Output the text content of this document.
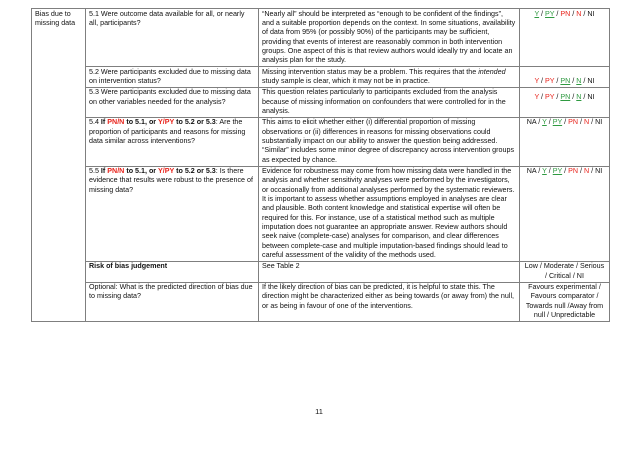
Bias due to missing data	5.1 Were outcome data available for all, or nearly all, participants?	“Nearly all” should be interpreted as “enough to be confident of the findings”, and a suitable proportion depends on the context. In some situations, availability of data from 95% (or possibly 90%) of the participants may be sufficient, providing that events of interest are reasonably common in both intervention groups. One aspect of this is that review authors would ideally try and locate an analysis plan for the study.	Y / PY / PN / N / NI
	5.2 Were participants excluded due to missing data on intervention status?	Missing intervention status may be a problem. This requires that the intended study sample is clear, which it may not be in practice.	Y / PY / PN / N / NI
	5.3 Were participants excluded due to missing data on other variables needed for the analysis?	This question relates particularly to participants excluded from the analysis because of missing information on confounders that were controlled for in the analysis.	Y / PY / PN / N / NI
	5.4 If PN/N to 5.1, or Y/PY to 5.2 or 5.3: Are the proportion of participants and reasons for missing data similar across interventions?	This aims to elicit whether either (i) differential proportion of missing observations or (ii) differences in reasons for missing observations could substantially impact on our ability to answer the question being addressed. “Similar” includes some minor degree of discrepancy across intervention groups as expected by chance.	NA / Y / PY / PN / N / NI
	5.5 If PN/N to 5.1, or Y/PY to 5.2 or 5.3: Is there evidence that results were robust to the presence of missing data?	Evidence for robustness may come from how missing data were handled in the analysis and whether sensitivity analyses were performed by the investigators, or occasionally from additional analyses performed by the systematic reviewers. It is important to assess whether assumptions employed in analyses are clear and plausible. Both content knowledge and statistical expertise will often be required for this. For instance, use of a statistical method such as multiple imputation does not guarantee an appropriate answer. Review authors should seek naive (complete-case) analyses for comparison, and clear differences between complete-case and multiple imputation-based findings should lead to careful assessment of the validity of the methods used.	NA / Y / PY / PN / N / NI
	Risk of bias judgement	See Table 2	Low / Moderate / Serious / Critical / NI
	Optional: What is the predicted direction of bias due to missing data?	If the likely direction of bias can be predicted, it is helpful to state this. The direction might be characterized either as being towards (or away from) the null, or as being in favour of one of the interventions.	Favours experimental / Favours comparator / Towards null /Away from null / Unpredictable
11
